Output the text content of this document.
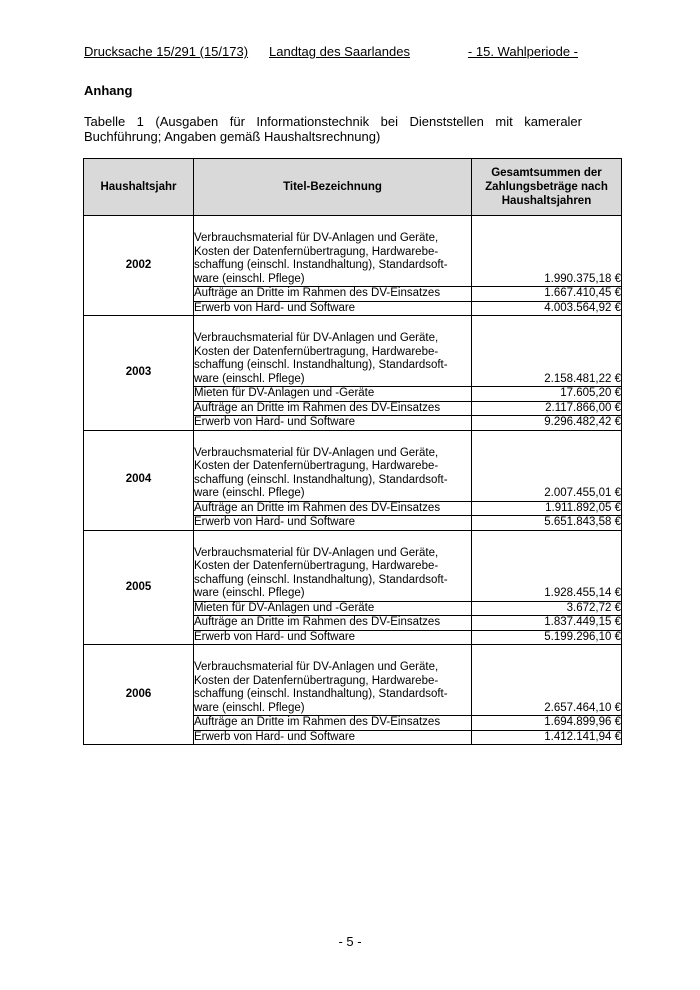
Drucksache 15/291 (15/173) Landtag des Saarlandes	- 15. Wahlperiode -
Anhang
Tabelle 1 (Ausgaben für Informationstechnik bei Dienststellen mit kameraler Buchführung; Angaben gemäß Haushaltsrechnung)
Haushaltsjahr	Titel-Bezeichnung	Gesamtsummen der Zahlungsbeträge nach Haushaltsjahren
2002	Verbrauchsmaterial für DV-Anlagen und Geräte, Kosten der Datenfernübertragung, Hardwarebe-schaffung (einschl. Instandhaltung), Standardsoft-ware (einschl. Pflege)	1.990.375,18 €
	Aufträge an Dritte im Rahmen des DV-Einsatzes	1.667.410,45 €
	Erwerb von Hard- und Software	4.003.564,92 €
2003	Verbrauchsmaterial für DV-Anlagen und Geräte, Kosten der Datenfernübertragung, Hardwarebe-schaffung (einschl. Instandhaltung), Standardsoft-ware (einschl. Pflege)	2.158.481,22 €
	Mieten für DV-Anlagen und -Geräte	17.605,20 €
	Aufträge an Dritte im Rahmen des DV-Einsatzes	2.117.866,00 €
	Erwerb von Hard- und Software	9.296.482,42 €
2004	Verbrauchsmaterial für DV-Anlagen und Geräte, Kosten der Datenfernübertragung, Hardwarebe-schaffung (einschl. Instandhaltung), Standardsoft-ware (einschl. Pflege)	2.007.455,01 €
	Aufträge an Dritte im Rahmen des DV-Einsatzes	1.911.892,05 €
	Erwerb von Hard- und Software	5.651.843,58 €
2005	Verbrauchsmaterial für DV-Anlagen und Geräte, Kosten der Datenfernübertragung, Hardwarebe-schaffung (einschl. Instandhaltung), Standardsoft-ware (einschl. Pflege)	1.928.455,14 €
	Mieten für DV-Anlagen und -Geräte	3.672,72 €
	Aufträge an Dritte im Rahmen des DV-Einsatzes	1.837.449,15 €
	Erwerb von Hard- und Software	5.199.296,10 €
2006	Verbrauchsmaterial für DV-Anlagen und Geräte, Kosten der Datenfernübertragung, Hardwarebe-schaffung (einschl. Instandhaltung), Standardsoft-ware (einschl. Pflege)	2.657.464,10 €
	Aufträge an Dritte im Rahmen des DV-Einsatzes	1.694.899,96 €
	Erwerb von Hard- und Software	1.412.141,94 €
- 5 -
